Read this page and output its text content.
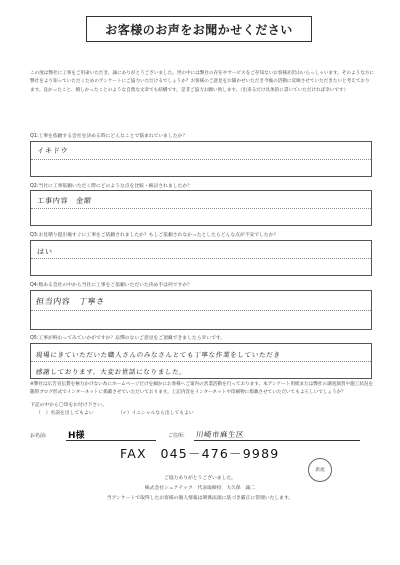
お客様のお声をお聞かせください
この度は弊社に工事をご用命いただき、誠にありがとうございました。世の中には弊社の存在やサービスをご存知ないお客様が沢山いらっしゃいます。そのような方に弊社をより知っていただくためのアンケートにご協力いただけるでしょうか？お客様のご意見をお聞かせいただき今後の活動に反映させていただきたいと考えております。良かったこと、嬉しかったことのような自然な文章でも結構です。是非ご協力お願い致します。（出来るだけ具体的に書いていただければ幸いです）
Q1:工事を依頼する会社を決める時にどんなことで悩まれていましたか？
イキドウ
Q2:当社に工事依頼いただく際にどのような点を比較・検討されましたか？
工事内容　金額
Q3:お見積り提出後すぐに工事をご依頼されましたか？もしご依頼されなかったとしたらどんな点が不安でしたか？
はい
Q4:数ある会社の中から当社に工事をご依頼いただいた決め手は何ですか？
担当内容　丁寧さ
Q5:工事が終わってみていかがですか？忌憚のないご意見をご頂戴できましたら幸いです。
現場にきていただいた職人さんのみなさんとても丁寧な作業をしていただき
感謝しております。大変お世話になりました。
※弊社は広告宣伝費を極力かけない為にホームページだけを細かにお客様へご案内の営業活動を行っております。本アンケート用紙または弊社の調査演習や施工状況を随時ブログ形式でインターネットに掲載させていただいております。上記内容をインターネットや印刷物に掲載させていただいてもよろしいでしょうか？
下記の中から〇印をお付け下さい。
（　）名前を出してもよい	（✓）イニシャルなら出してもよい
お名前: H様	ご住所: 川崎市麻生区
FAX　045－476－9989
新規
ご協力ありがとうございました。
株式会社シェアテック　代表取締役　大久保　誠二
当アンケートで取得したお客様の個人情報は関係法規に基づき厳正に管理いたします。
